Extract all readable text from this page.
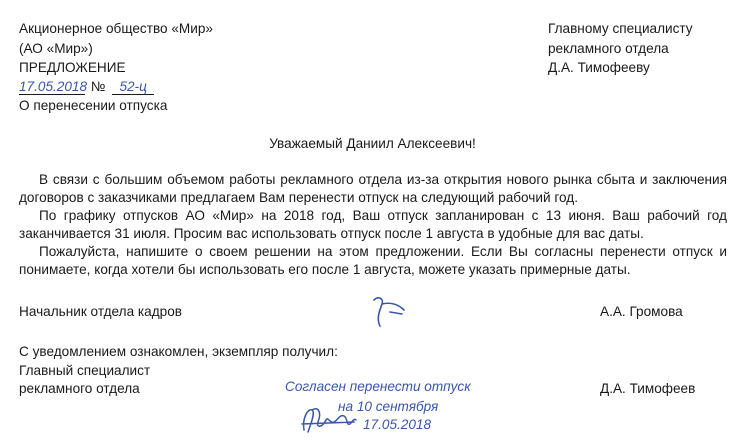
Акционерное общество «Мир»
(АО «Мир»)
ПРЕДЛОЖЕНИЕ
17.05.2018 № 52-ц
О перенесении отпуска
Главному специалисту
рекламного отдела
Д.А. Тимофееву
Уважаемый Даниил Алексеевич!

В связи с большим объемом работы рекламного отдела из-за открытия нового рынка сбыта и заключения договоров с заказчиками предлагаем Вам перенести отпуск на следующий рабочий год.

По графику отпусков АО «Мир» на 2018 год, Ваш отпуск запланирован с 13 июня. Ваш рабочий год заканчивается 31 июля. Просим вас использовать отпуск после 1 августа в удобные для вас даты.

Пожалуйста, напишите о своем решении на этом предложении. Если Вы согласны перенести отпуск и понимаете, когда хотели бы использовать его после 1 августа, можете указать примерные даты.

Начальник отдела кадров	А.А. Громова
С уведомлением ознакомлен, экземпляр получил:
Главный специалист
рекламного отдела	Д.А. Тимофеев
Согласен перенести отпуск
на 10 сентября
17.05.2018
